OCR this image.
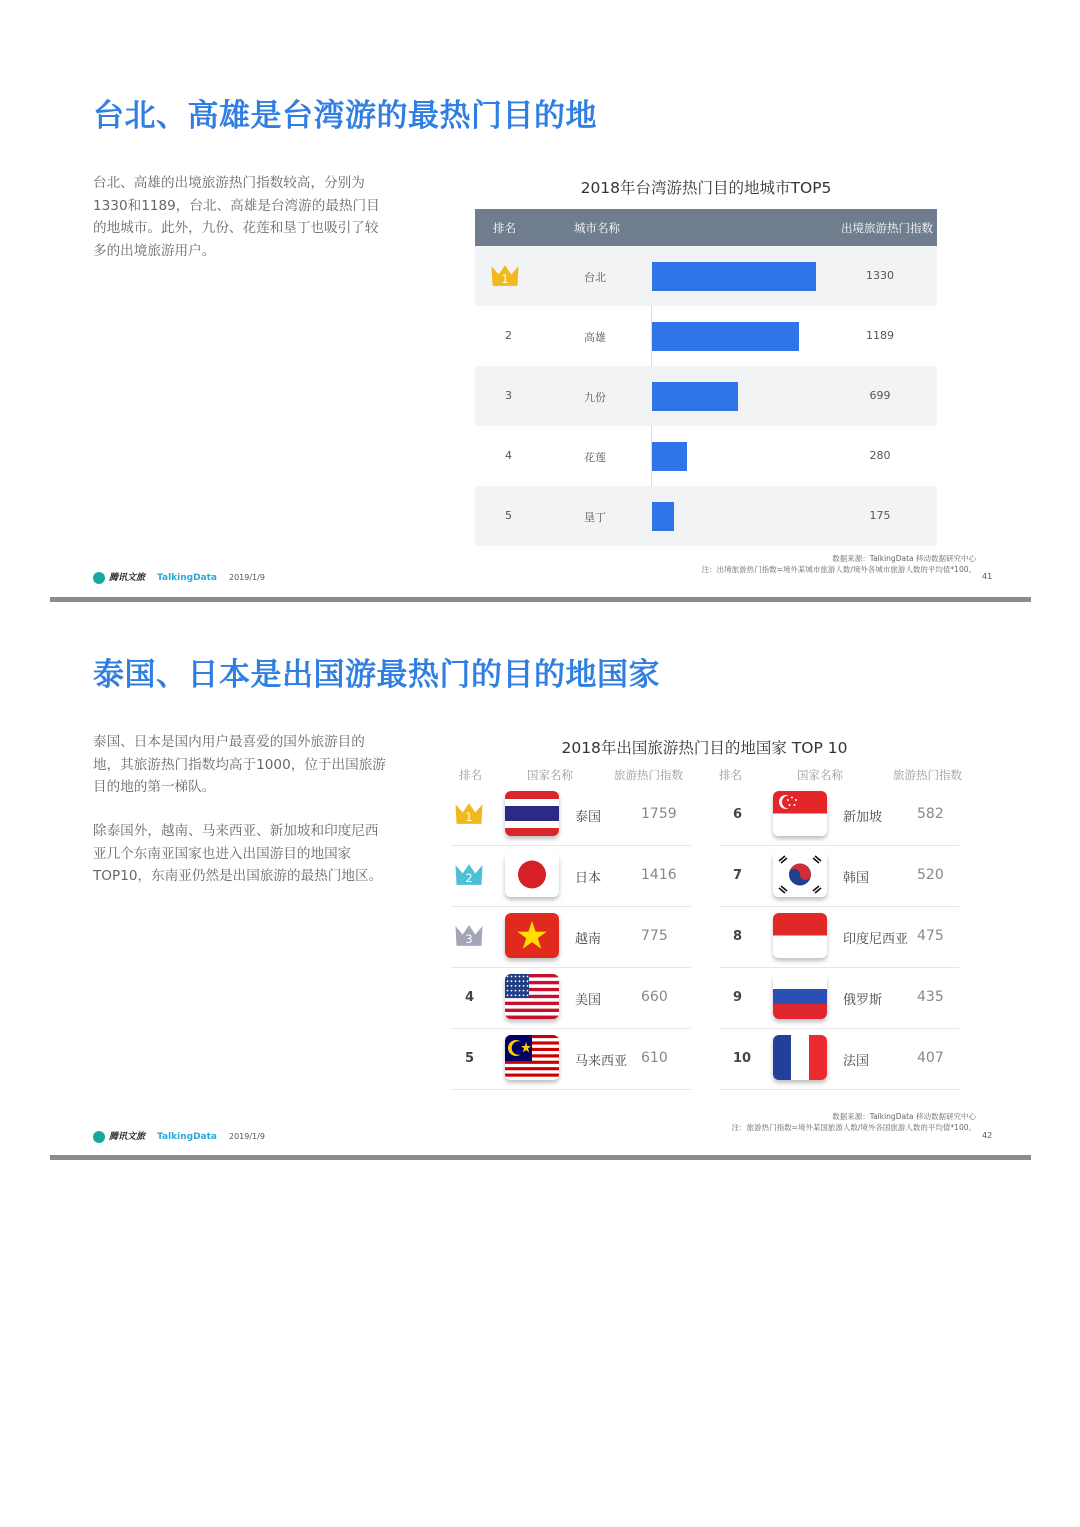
台北、高雄是台湾游的最热门目的地

台北、高雄的出境旅游热门指数较高，分别为1330和1189，台北、高雄是台湾游的最热门目的地城市。此外，九份、花莲和垦丁也吸引了较多的出境旅游用户。

2018年台湾游热门目的地城市TOP5
排名	城市名称	出境旅游热门指数
1	台北	1330
2	高雄	1189
3	九份	699
4	花莲	280
5	垦丁	175
腾讯文旅 TalkingData 2019/1/9
数据来源：TalkingData 移动数据研究中心
注：出境旅游热门指数=境外某城市旅游人数/境外各城市旅游人数的平均值*100。
41
泰国、日本是出国游最热门的目的地国家

泰国、日本是国内用户最喜爱的国外旅游目的地，其旅游热门指数均高于1000，位于出国旅游目的地的第一梯队。

除泰国外，越南、马来西亚、新加坡和印度尼西亚几个东南亚国家也进入出国游目的地国家TOP10，东南亚仍然是出国旅游的最热门地区。

2018年出国旅游热门目的地国家 TOP 10
排名	国家名称	旅游热门指数	排名	国家名称	旅游热门指数
1	泰国	1759
2	日本	1416
3	越南	775
4	美国	660
5	马来西亚 610
6	新加坡 582
7	韩国	520
8	印度尼西亚 475
9	俄罗斯 435
10	法国	407
腾讯文旅 TalkingData 2019/1/9
数据来源：TalkingData 移动数据研究中心
注：旅游热门指数=境外某国旅游人数/境外各国旅游人数的平均值*100。
42
